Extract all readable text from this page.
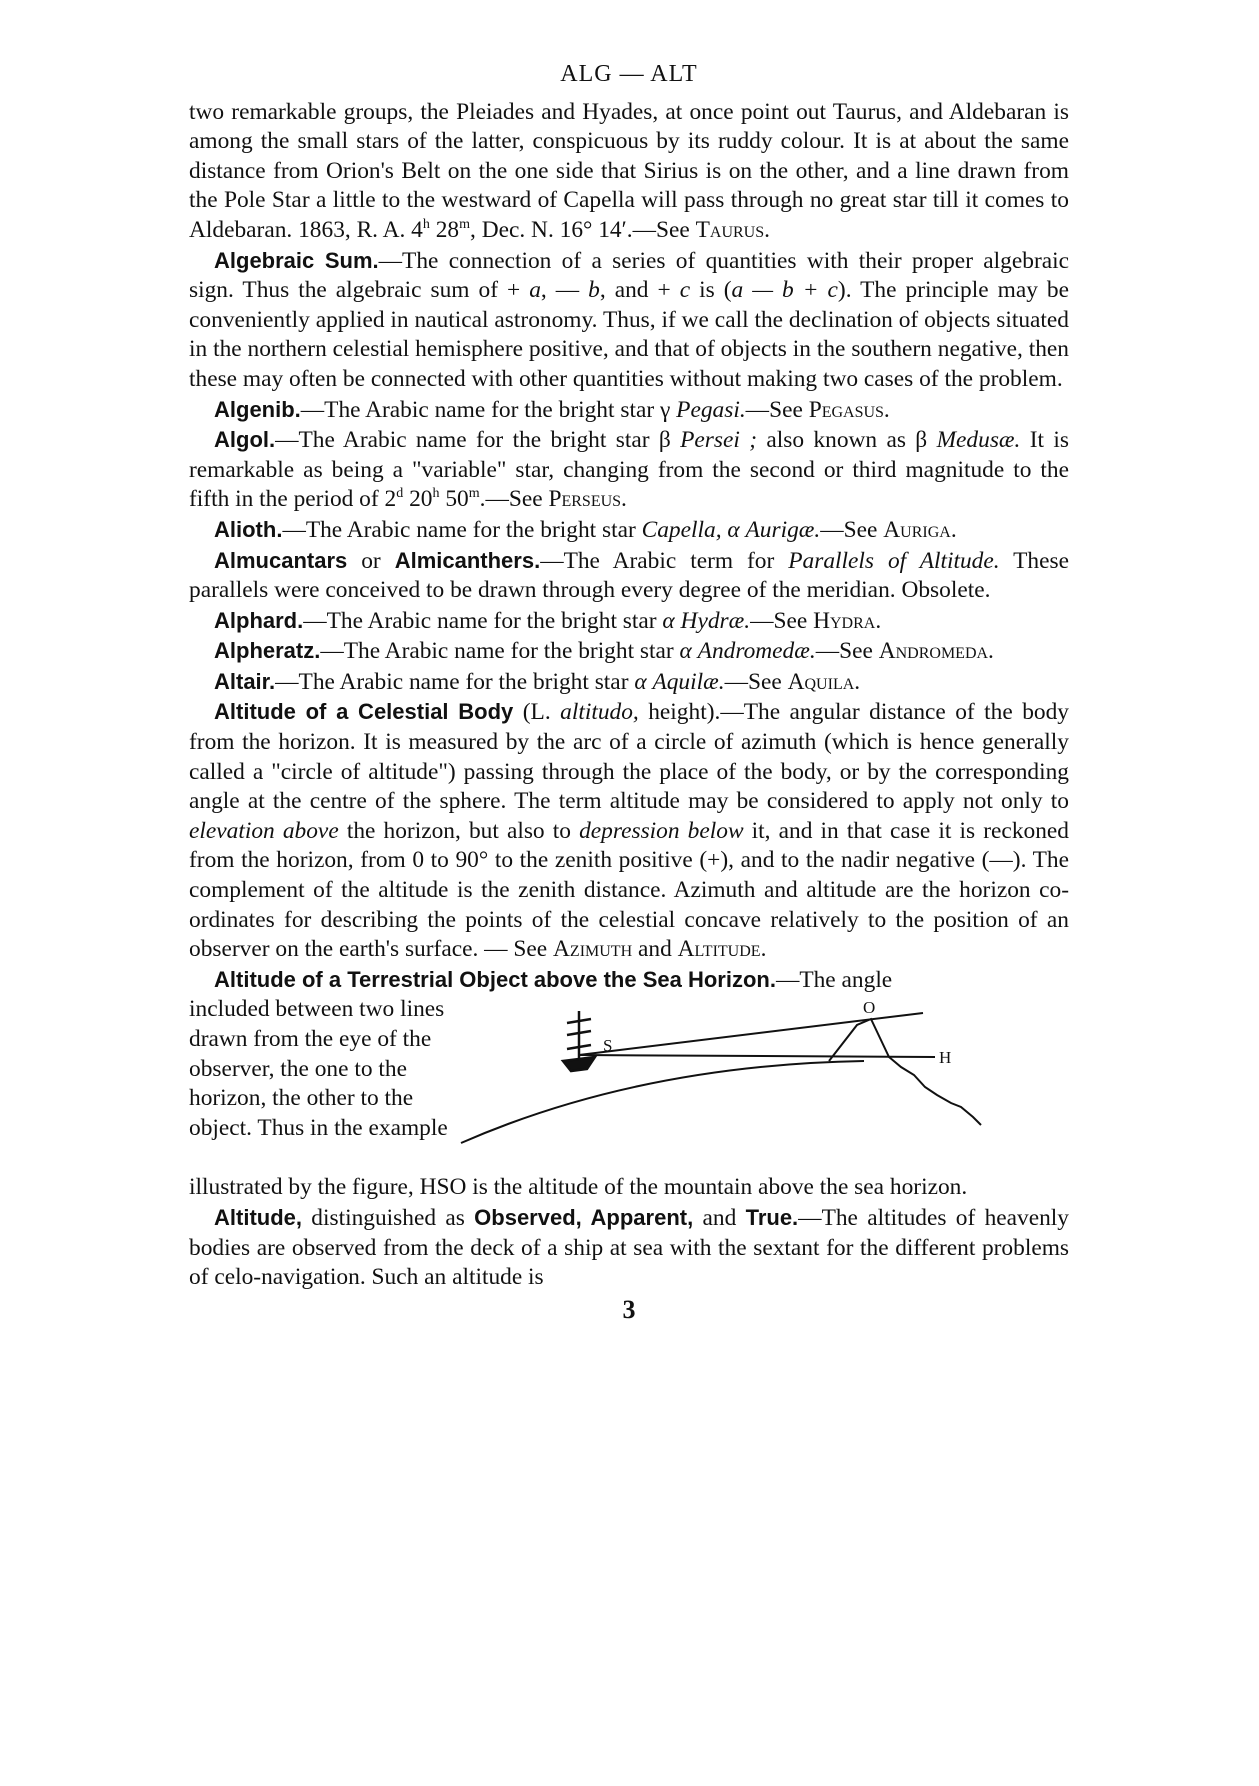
ALG — ALT

two remarkable groups, the Pleiades and Hyades, at once point out Taurus, and Aldebaran is among the small stars of the latter, conspicuous by its ruddy colour. It is at about the same distance from Orion's Belt on the one side that Sirius is on the other, and a line drawn from the Pole Star a little to the westward of Capella will pass through no great star till it comes to Aldebaran. 1863, R. A. 4$^h$ 28$^m$, Dec. N. 16° 14′.—See Taurus.

Algebraic Sum.—The connection of a series of quantities with their proper algebraic sign. Thus the algebraic sum of + a, — b, and + c is (a — b + c). The principle may be conveniently applied in nautical astronomy. Thus, if we call the declination of objects situated in the northern celestial hemisphere positive, and that of objects in the southern negative, then these may often be connected with other quantities without making two cases of the problem.

Algenib.—The Arabic name for the bright star γ Pegasi.—See Pegasus.

Algol.—The Arabic name for the bright star β Persei ; also known as β Medusæ. It is remarkable as being a "variable" star, changing from the second or third magnitude to the fifth in the period of 2$^d$ 20$^h$ 50$^m$.—See Perseus.

Alioth.—The Arabic name for the bright star Capella, α Aurigæ.—See Auriga.

Almucantars or Almicanthers.—The Arabic term for Parallels of Altitude. These parallels were conceived to be drawn through every degree of the meridian. Obsolete.

Alphard.—The Arabic name for the bright star α Hydræ.—See Hydra.

Alpheratz.—The Arabic name for the bright star α Andromedæ.—See Andromeda.

Altair.—The Arabic name for the bright star α Aquilæ.—See Aquila.

Altitude of a Celestial Body (L. altitudo, height).—The angular distance of the body from the horizon. It is measured by the arc of a circle of azimuth (which is hence generally called a "circle of altitude") passing through the place of the body, or by the corresponding angle at the centre of the sphere. The term altitude may be considered to apply not only to elevation above the horizon, but also to depression below it, and in that case it is reckoned from the horizon, from 0 to 90° to the zenith positive (+), and to the nadir negative (—). The complement of the altitude is the zenith distance. Azimuth and altitude are the horizon co-ordinates for describing the points of the celestial concave relatively to the position of an observer on the earth's surface. — See Azimuth and Altitude.

Altitude of a Terrestrial Object above the Sea Horizon.—The angle

included between two lines drawn from the eye of the observer, the one to the horizon, the other to the object. Thus in the example
S
O
H

illustrated by the figure, HSO is the altitude of the mountain above the sea horizon.

Altitude, distinguished as Observed, Apparent, and True.—The altitudes of heavenly bodies are observed from the deck of a ship at sea with the sextant for the different problems of celo-navigation. Such an altitude is

3
